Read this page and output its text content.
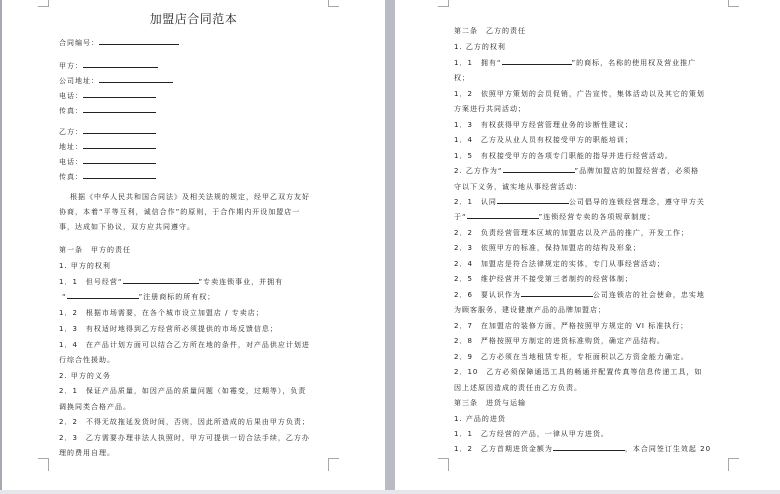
加盟店合同范本
合同编号：
甲方：
公司地址：
电话：
传真：
乙方：
地址：
电话：
传真：
根据《中华人民共和国合同法》及相关法规的规定，经甲乙双方友好
协商，本着“平等互利，诚信合作”的原则，于合作期内开设加盟店一
事，达成如下协议，双方应共同遵守。
第一条　甲方的责任
1. 甲方的权利
1．1　但号经营“	”专卖连锁事业，并拥有
“	”注册商标的所有权；
1．2　根据市场需要，在各个城市设立加盟店 / 专卖店；
1．3　有权适时地得到乙方经营所必须提供的市场反馈信息；
1．4　在产品计划方面可以结合乙方所在地的条件，对产品供应计划进
行综合性援助。
2. 甲方的义务
2．1　保证产品质量，如因产品的质量问题（如霉变，过期等），负责
调换同类合格产品。
2．2　不得无故拖延发货时间，否则，因此所造成的后果由甲方负责；
2．3　乙方需要办理非法人执照时，甲方可提供一切合法手续，乙方办
理的费用自理。
第二条　乙方的责任
1. 乙方的权利
1．1　拥有“	”的商标，名称的使用权及营业推广
权；
1．2　依照甲方策划的会员促销，广告宣传，集体活动以及其它的策划
方案进行共同活动；
1．3　有权获得甲方经营管理业务的诊断性建议；
1．4　乙方及从业人员有权接受甲方的职能培训；
1．5　有权接受甲方的各项专门职能的指导并进行经营活动。
2. 乙方作为“	”品牌加盟店的加盟经营者，必须格
守以下义务，诚实地从事经营活动：
2．1　认同	公司倡导的连锁经营理念，遵守甲方关
于“	”连锁经营专卖的各项规章制度；
2．2　负责经营管理本区域的加盟店以及产品的推广，开发工作；
2．3　依照甲方的标准，保持加盟店的结构及形象；
2．4　加盟店是符合法律规定的实体，专门从事经营活动；
2．5　维护经营并不接受第三者制约的经营体制；
2．6　要认识作为	公司连锁店的社会使命，忠实地
为顾客服务，建设健康产品的品牌加盟店；
2．7　在加盟店的装修方面，严格按照甲方规定的 VI 标准执行；
2．8　严格按照甲方制定的进货标准购货，确定产品结构。
2．9　乙方必须在当地租赁专柜，专柜面积以乙方资金能力确定。
2．10　乙方必须保障通迅工具的畅通并配置传真等信息传递工具，如
因上述原因造成的责任由乙方负责。
第三条　进货与运输
1. 产品的进货
1．1　乙方经营的产品，一律从甲方进货。
1．2　乙方首期进货金额为	，本合同签订生效起 20
